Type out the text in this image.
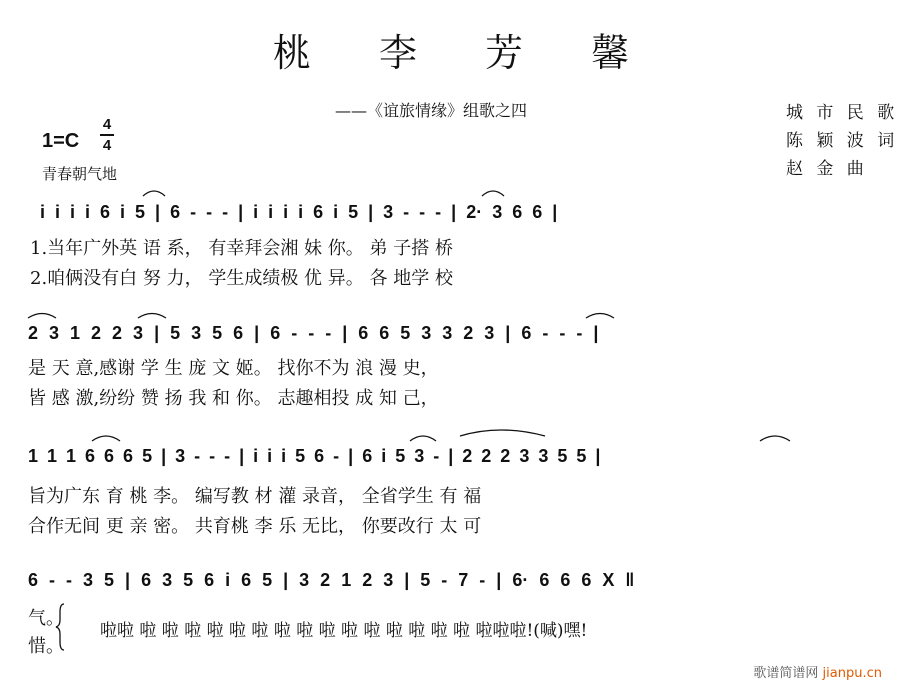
桃 李 芳 馨
——《谊旅情缘》组歌之四	城 市 民 歌
陈 颖 波 词
赵 金 曲
1=C
4
4
青春朝气地
i i i i 6 i 5 | 6 - - - | i i i i 6 i 5 | 3 - - - | 2· 3 6 6 |
1.当年广外英 语 系， 有幸拜会湘 妹 你。 弟 子搭 桥
2.咱俩没有白 努 力， 学生成绩极 优 异。 各 地学 校
2 3 1 2 2 3 | 5 3 5 6 | 6 - - - | 6 6 5 3 3 2 3 | 6 - - - |
是 天 意,感谢 学 生 庞 文 姬。 找你不为 浪 漫 史，
皆 感 激,纷纷 赞 扬 我 和 你。 志趣相投 成 知 己，
1 1 1 6 6 6 5 | 3 - - - | i i i 5 6 - | 6 i 5 3 - | 2 2 2 3 3 5 5 |
旨为广东 育 桃 李。 编写教 材 灌 录音， 全省学生 有 福
合作无间 更 亲 密。 共育桃 李 乐 无比， 你要改行 太 可
6 - - 3 5 | 6 3 5 6 i 6 5 | 3 2 1 2 3 | 5 - 7 - | 6· 6 6 6 X ‖
气。
惜。
啦啦 啦 啦 啦 啦 啦 啦 啦 啦 啦 啦 啦 啦 啦 啦 啦 啦啦啦!(喊)嘿!
歌谱简谱网 jianpu.cn
